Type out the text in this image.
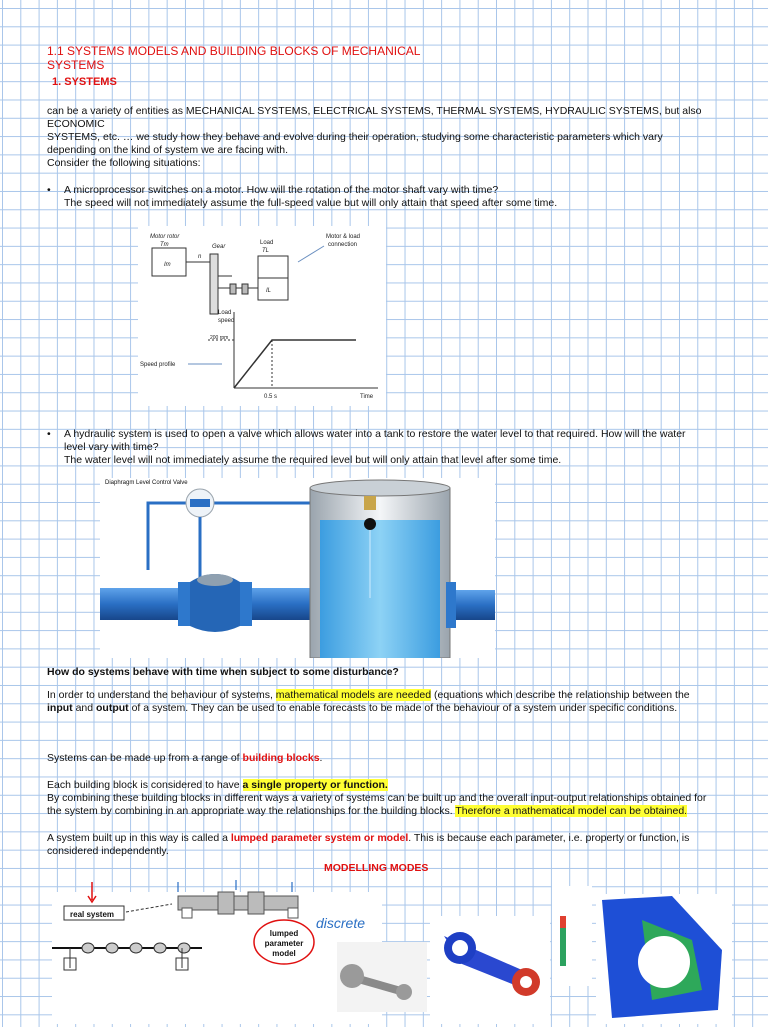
1.1 SYSTEMS MODELS AND BUILDING BLOCKS OF MECHANICAL
SYSTEMS
1. SYSTEMS
can be a variety of entities as MECHANICAL SYSTEMS, ELECTRICAL SYSTEMS, THERMAL SYSTEMS, HYDRAULIC SYSTEMS, but also ECONOMIC
SYSTEMS, etc. … we study how they behave and evolve during their operation, studying some characteristic parameters which vary
depending on the kind of system we are facing with.
Consider the following situations:
• A microprocessor switches on a motor. How will the rotation of the motor shaft vary with time?
The speed will not immediately assume the full-speed value but will only attain that speed after some time.
Motor rotor
Tm
Im
Gear
n
Load
TL
IL
Motor & load
connection
Load
speed
200 rpm
Speed profile
0.5 s	Time
• A hydraulic system is used to open a valve which allows water into a tank to restore the water level to that required. How will the water
level vary with time?
The water level will not immediately assume the required level but will only attain that level after some time.
Diaphragm Level Control Valve
How do systems behave with time when subject to some disturbance?
In order to understand the behaviour of systems, mathematical models are needed (equations which describe the relationship between the
input and output of a system. They can be used to enable forecasts to be made of the behaviour of a system under specific conditions.
Systems can be made up from a range of building blocks.
Each building block is considered to have a single property or function.
By combining these building blocks in different ways a variety of systems can be built up and the overall input-output relationships obtained for
the system by combining in an appropriate way the relationships for the building blocks. Therefore a mathematical model can be obtained.
A system built up in this way is called a lumped parameter system or model. This is because each parameter, i.e. property or function, is
considered independently.
MODELLING MODES
real system
lumped
parameter
model
discrete
